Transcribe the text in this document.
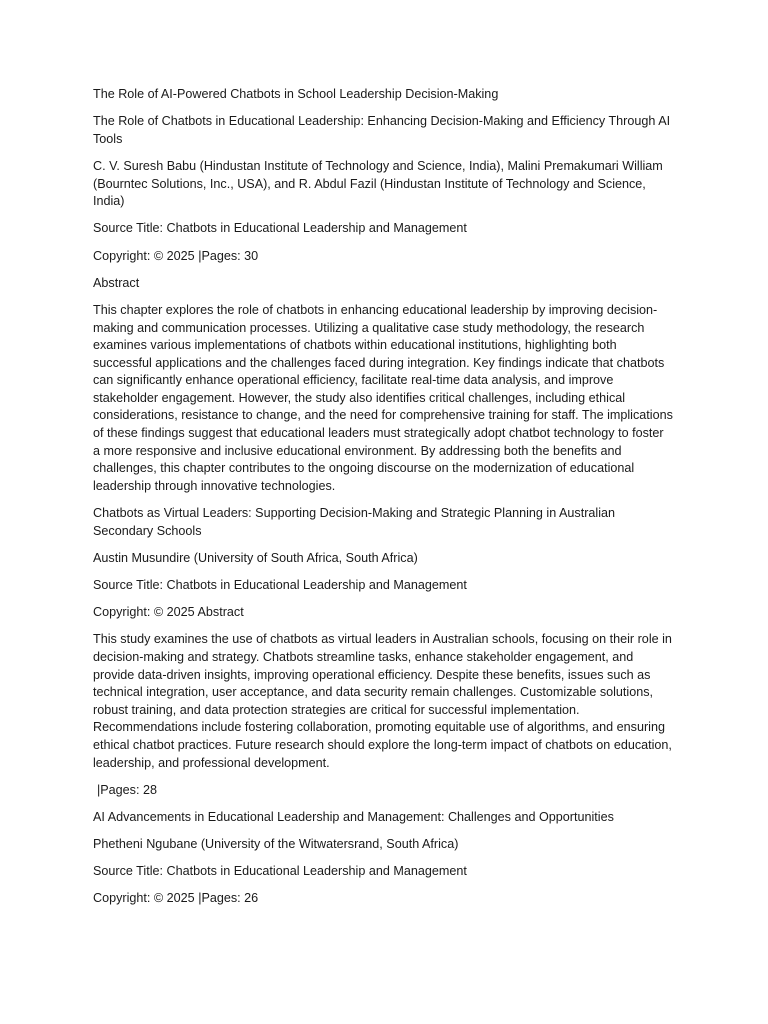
The Role of AI-Powered Chatbots in School Leadership Decision-Making

The Role of Chatbots in Educational Leadership: Enhancing Decision-Making and Efficiency Through AI Tools

C. V. Suresh Babu (Hindustan Institute of Technology and Science, India), Malini Premakumari William (Bourntec Solutions, Inc., USA), and R. Abdul Fazil (Hindustan Institute of Technology and Science, India)

Source Title: Chatbots in Educational Leadership and Management

Copyright: © 2025 |Pages: 30

Abstract

This chapter explores the role of chatbots in enhancing educational leadership by improving decision-making and communication processes. Utilizing a qualitative case study methodology, the research examines various implementations of chatbots within educational institutions, highlighting both successful applications and the challenges faced during integration. Key findings indicate that chatbots can significantly enhance operational efficiency, facilitate real-time data analysis, and improve stakeholder engagement. However, the study also identifies critical challenges, including ethical considerations, resistance to change, and the need for comprehensive training for staff. The implications of these findings suggest that educational leaders must strategically adopt chatbot technology to foster a more responsive and inclusive educational environment. By addressing both the benefits and challenges, this chapter contributes to the ongoing discourse on the modernization of educational leadership through innovative technologies.

Chatbots as Virtual Leaders: Supporting Decision-Making and Strategic Planning in Australian Secondary Schools

Austin Musundire (University of South Africa, South Africa)

Source Title: Chatbots in Educational Leadership and Management

Copyright: © 2025 Abstract

This study examines the use of chatbots as virtual leaders in Australian schools, focusing on their role in decision-making and strategy. Chatbots streamline tasks, enhance stakeholder engagement, and provide data-driven insights, improving operational efficiency. Despite these benefits, issues such as technical integration, user acceptance, and data security remain challenges. Customizable solutions, robust training, and data protection strategies are critical for successful implementation. Recommendations include fostering collaboration, promoting equitable use of algorithms, and ensuring ethical chatbot practices. Future research should explore the long-term impact of chatbots on education, leadership, and professional development.

|Pages: 28

AI Advancements in Educational Leadership and Management: Challenges and Opportunities

Phetheni Ngubane (University of the Witwatersrand, South Africa)

Source Title: Chatbots in Educational Leadership and Management

Copyright: © 2025 |Pages: 26
